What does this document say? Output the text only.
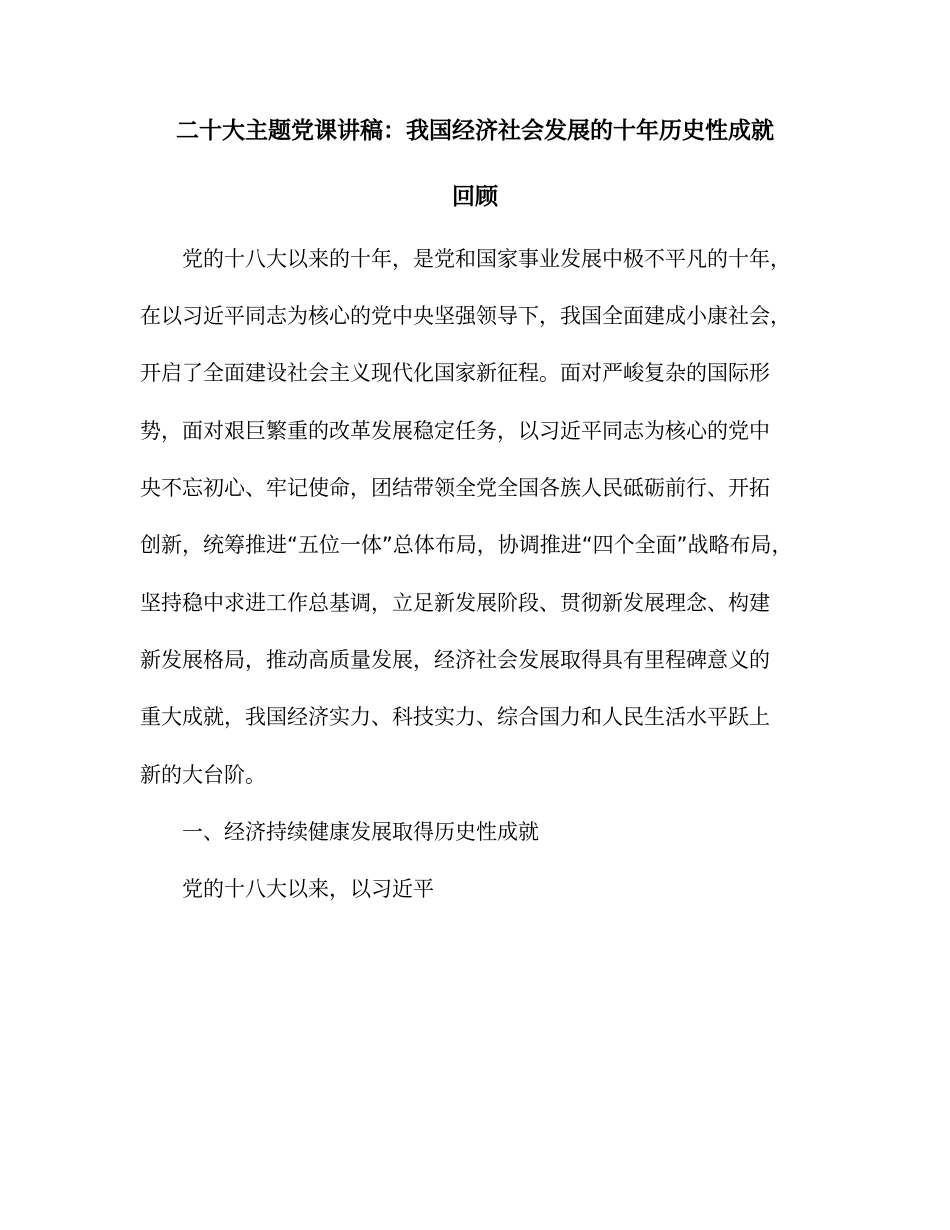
二十大主题党课讲稿：我国经济社会发展的十年历史性成就
回顾
　　党的十八大以来的十年，是党和国家事业发展中极不平凡的十年，
在以习近平同志为核心的党中央坚强领导下，我国全面建成小康社会，
开启了全面建设社会主义现代化国家新征程。面对严峻复杂的国际形
势，面对艰巨繁重的改革发展稳定任务，以习近平同志为核心的党中
央不忘初心、牢记使命，团结带领全党全国各族人民砥砺前行、开拓
创新，统筹推进“五位一体”总体布局，协调推进“四个全面”战略布局，
坚持稳中求进工作总基调，立足新发展阶段、贯彻新发展理念、构建
新发展格局，推动高质量发展，经济社会发展取得具有里程碑意义的
重大成就，我国经济实力、科技实力、综合国力和人民生活水平跃上
新的大台阶。
　　一、经济持续健康发展取得历史性成就
　　党的十八大以来，以习近平
